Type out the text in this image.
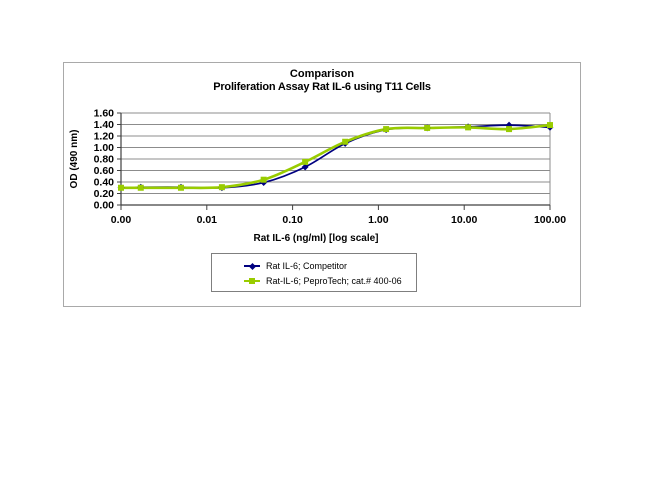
Comparison
Proliferation Assay Rat IL-6 using T11 Cells
1.60
1.40
1.20
1.00
0.80
0.60
0.40
0.20
0.00
0.00	0.01	0.10	1.00	10.00	100.00
OD (490 nm)
Rat IL-6 (ng/ml) [log scale]
Rat IL-6; Competitor
Rat-IL-6; PeproTech; cat.# 400-06
